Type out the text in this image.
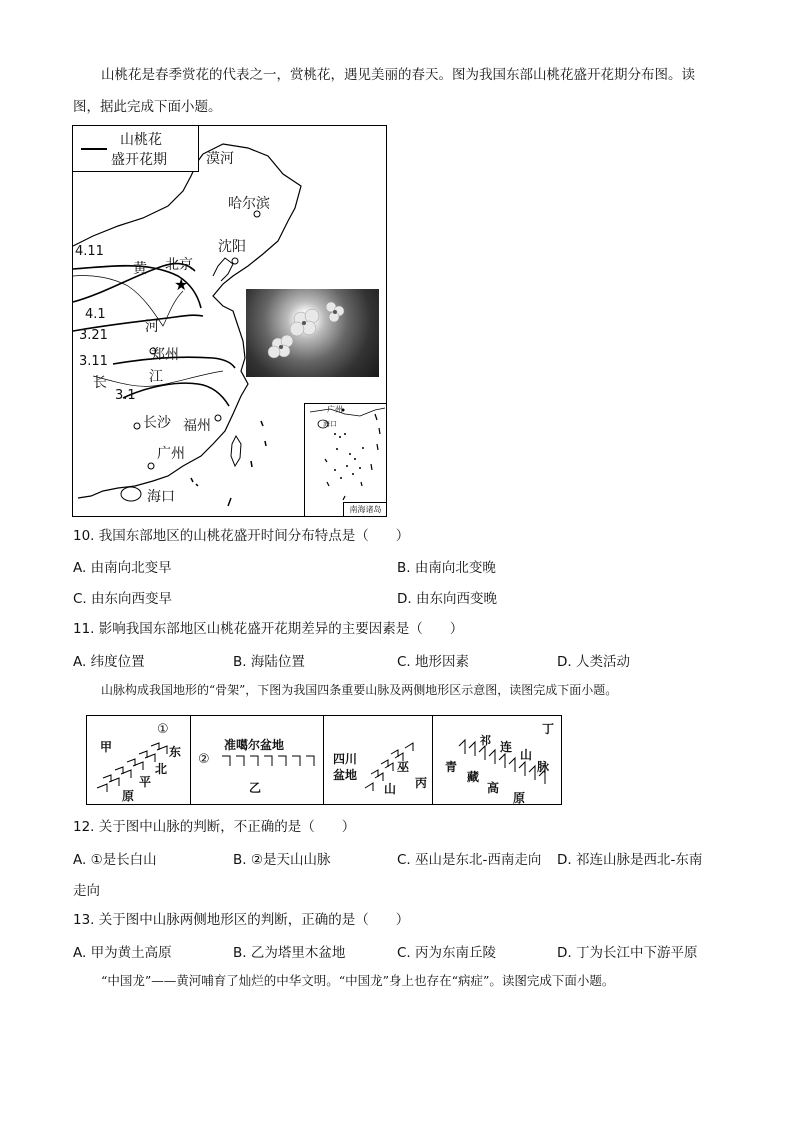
山桃花是春季赏花的代表之一，赏桃花，遇见美丽的春天。图为我国东部山桃花盛开花期分布图。读
图，据此完成下面小题。
★
山桃花
盛开花期	漠河
哈尔滨
沈阳
北京
郑州
长沙 福州
广州
海口
黄
河
长	江
4.11
4.1
3.21
3.11
3.1
广州
海口
南海诸岛
10. 我国东部地区的山桃花盛开时间分布特点是（　　）
A. 由南向北变早	B. 由南向北变晚
C. 由东向西变早	D. 由东向西变晚
11. 影响我国东部地区山桃花盛开花期差异的主要因素是（　　）
A. 纬度位置	B. 海陆位置	C. 地形因素	D. 人类活动
山脉构成我国地形的“骨架”，下图为我国四条重要山脉及两侧地形区示意图，读图完成下面小题。
甲
①
东
北
平
原
准噶尔盆地
②
乙
四川
盆地
巫
山 丙
丁
祁 连
山
脉
青
藏
高
原
12. 关于图中山脉的判断，不正确的是（　　）
A. ①是长白山	B. ②是天山山脉	C. 巫山是东北-西南走向 D. 祁连山脉是西北-东南
走向
13. 关于图中山脉两侧地形区的判断，正确的是（　　）
A. 甲为黄土高原	B. 乙为塔里木盆地	C. 丙为东南丘陵	D. 丁为长江中下游平原
“中国龙”——黄河哺育了灿烂的中华文明。“中国龙”身上也存在“病症”。读图完成下面小题。
